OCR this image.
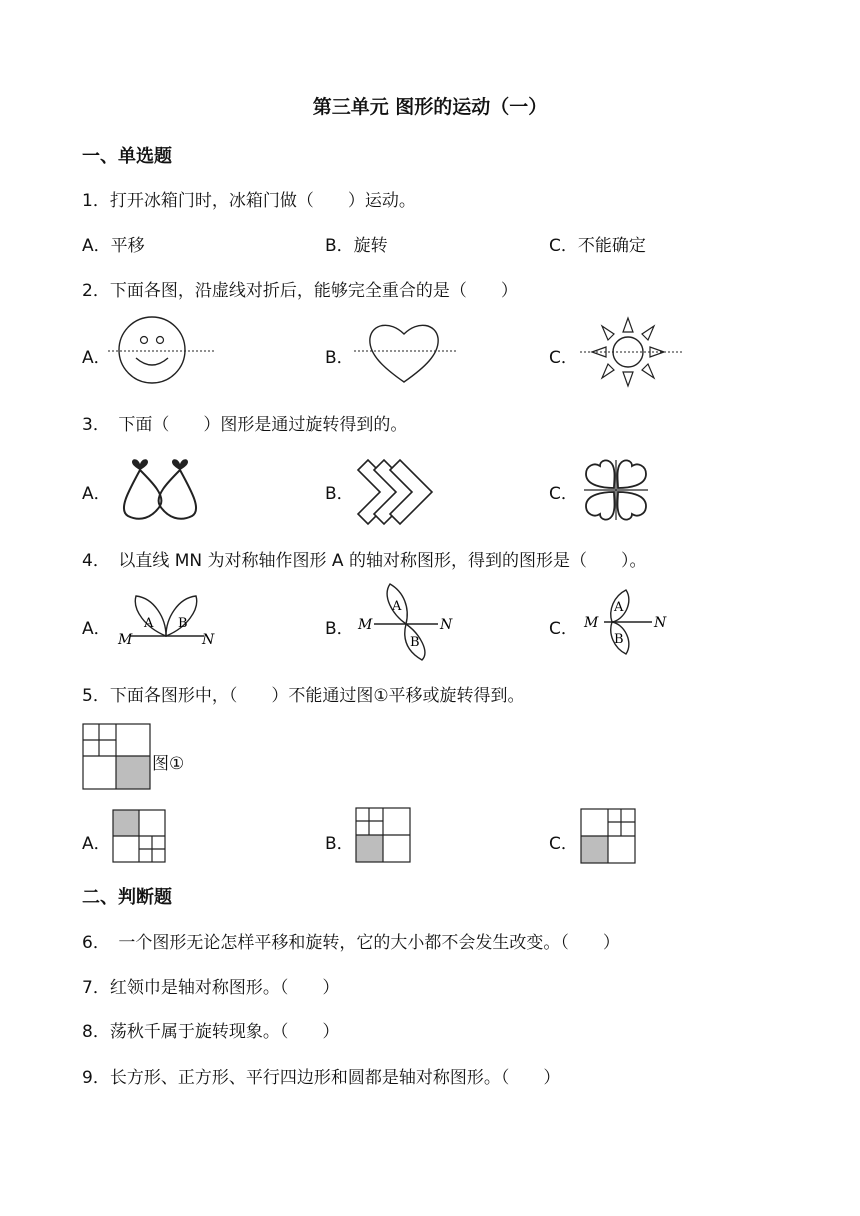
第三单元 图形的运动（一）
一、单选题
1．打开冰箱门时，冰箱门做（　　）运动。
A．平移	B．旋转	C．不能确定
2．下面各图，沿虚线对折后，能够完全重合的是（　　）
A．	B．	C．
3．　下面（　　）图形是通过旋转得到的。
A．	B．	C．
4．　以直线 MN 为对称轴作图形 A 的轴对称图形，得到的图形是（　　）。
A．	B．	C．
A B
M	N
A
B
M	N
A
B
M	N
5．下面各图形中，（　　）不能通过图①平移或旋转得到。
图①
A．	B．	C．
二、判断题
6．　一个图形无论怎样平移和旋转，它的大小都不会发生改变。（　　）
7．红领巾是轴对称图形。（　　）
8．荡秋千属于旋转现象。（　　）
9．长方形、正方形、平行四边形和圆都是轴对称图形。（　　）
